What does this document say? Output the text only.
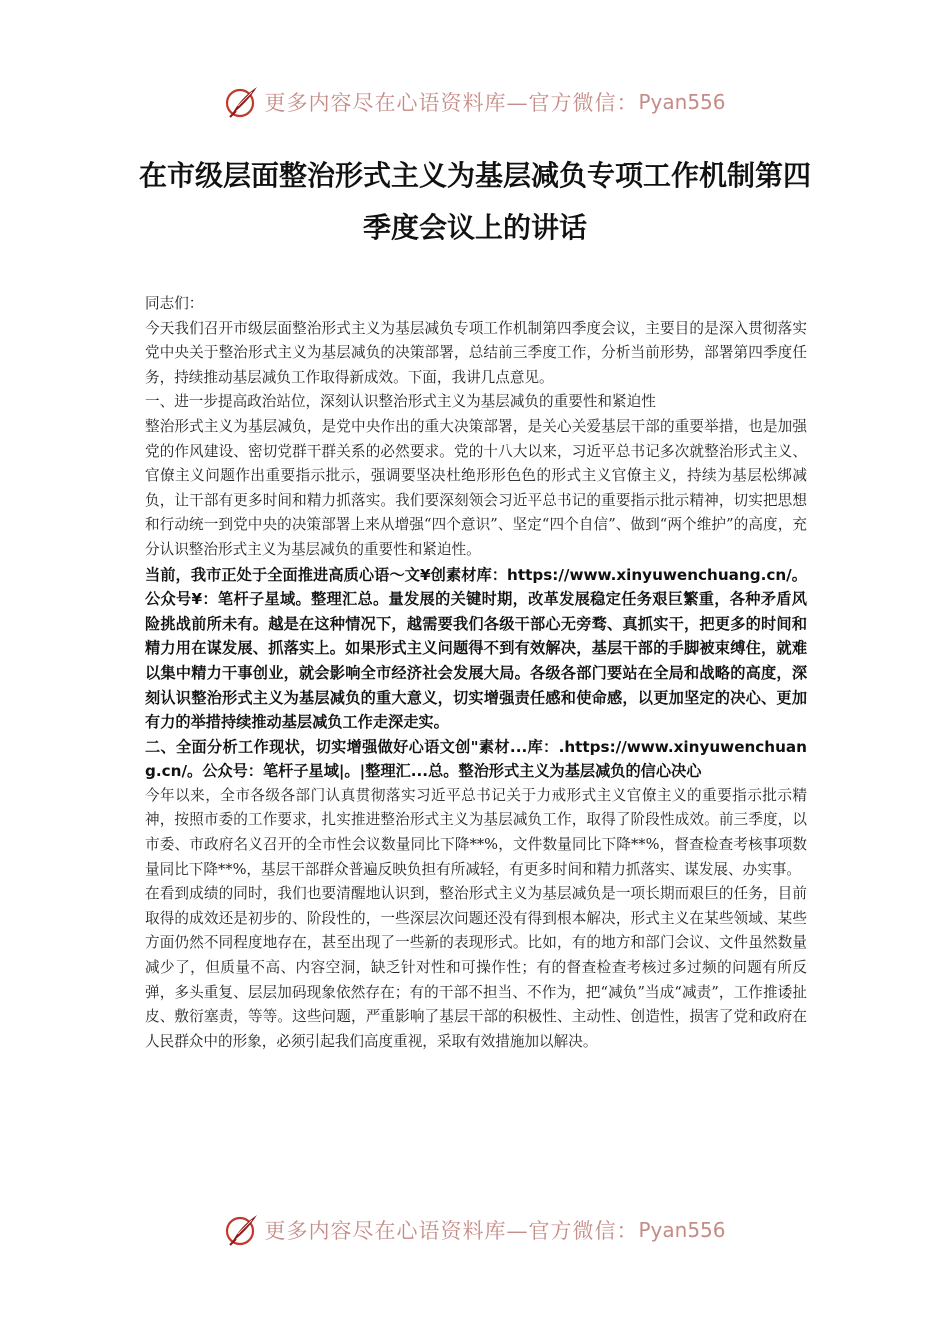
更多内容尽在心语资料库—官方微信： Pyan556
在市级层面整治形式主义为基层减负专项工作机制第四季度会议上的讲话

同志们：

今天我们召开市级层面整治形式主义为基层减负专项工作机制第四季度会议，主要目的是深入贯彻落实党中央关于整治形式主义为基层减负的决策部署，总结前三季度工作，分析当前形势，部署第四季度任务，持续推动基层减负工作取得新成效。下面，我讲几点意见。

一、进一步提高政治站位，深刻认识整治形式主义为基层减负的重要性和紧迫性

整治形式主义为基层减负，是党中央作出的重大决策部署，是关心关爱基层干部的重要举措，也是加强党的作风建设、密切党群干群关系的必然要求。党的十八大以来，习近平总书记多次就整治形式主义、官僚主义问题作出重要指示批示，强调要坚决杜绝形形色色的形式主义官僚主义，持续为基层松绑减负，让干部有更多时间和精力抓落实。我们要深刻领会习近平总书记的重要指示批示精神，切实把思想和行动统一到党中央的决策部署上来从增强“四个意识”、坚定“四个自信”、做到“两个维护”的高度，充分认识整治形式主义为基层减负的重要性和紧迫性。

当前，我市正处于全面推进高质心语～文¥创素材库：https://www.xinyuwenchuang.cn/。公众号¥：笔杆子星域。整理汇总。量发展的关键时期，改革发展稳定任务艰巨繁重，各种矛盾风险挑战前所未有。越是在这种情况下，越需要我们各级干部心无旁骛、真抓实干，把更多的时间和精力用在谋发展、抓落实上。如果形式主义问题得不到有效解决，基层干部的手脚被束缚住，就难以集中精力干事创业，就会影响全市经济社会发展大局。各级各部门要站在全局和战略的高度，深刻认识整治形式主义为基层减负的重大意义，切实增强责任感和使命感，以更加坚定的决心、更加有力的举措持续推动基层减负工作走深走实。

二、全面分析工作现状，切实增强做好心语文创"素材...库：.https://www.xinyuwenchuang.cn/。公众号：笔杆子星域|。|整理汇...总。整治形式主义为基层减负的信心决心

今年以来，全市各级各部门认真贯彻落实习近平总书记关于力戒形式主义官僚主义的重要指示批示精神，按照市委的工作要求，扎实推进整治形式主义为基层减负工作，取得了阶段性成效。前三季度，以市委、市政府名义召开的全市性会议数量同比下降**%，文件数量同比下降**%，督查检查考核事项数量同比下降**%，基层干部群众普遍反映负担有所减轻，有更多时间和精力抓落实、谋发展、办实事。

在看到成绩的同时，我们也要清醒地认识到，整治形式主义为基层减负是一项长期而艰巨的任务，目前取得的成效还是初步的、阶段性的，一些深层次问题还没有得到根本解决，形式主义在某些领域、某些方面仍然不同程度地存在，甚至出现了一些新的表现形式。比如，有的地方和部门会议、文件虽然数量减少了，但质量不高、内容空洞，缺乏针对性和可操作性；有的督查检查考核过多过频的问题有所反弹，多头重复、层层加码现象依然存在；有的干部不担当、不作为，把“减负”当成“减责”，工作推诿扯皮、敷衍塞责，等等。这些问题，严重影响了基层干部的积极性、主动性、创造性，损害了党和政府在人民群众中的形象，必须引起我们高度重视，采取有效措施加以解决。

更多内容尽在心语资料库—官方微信： Pyan556
